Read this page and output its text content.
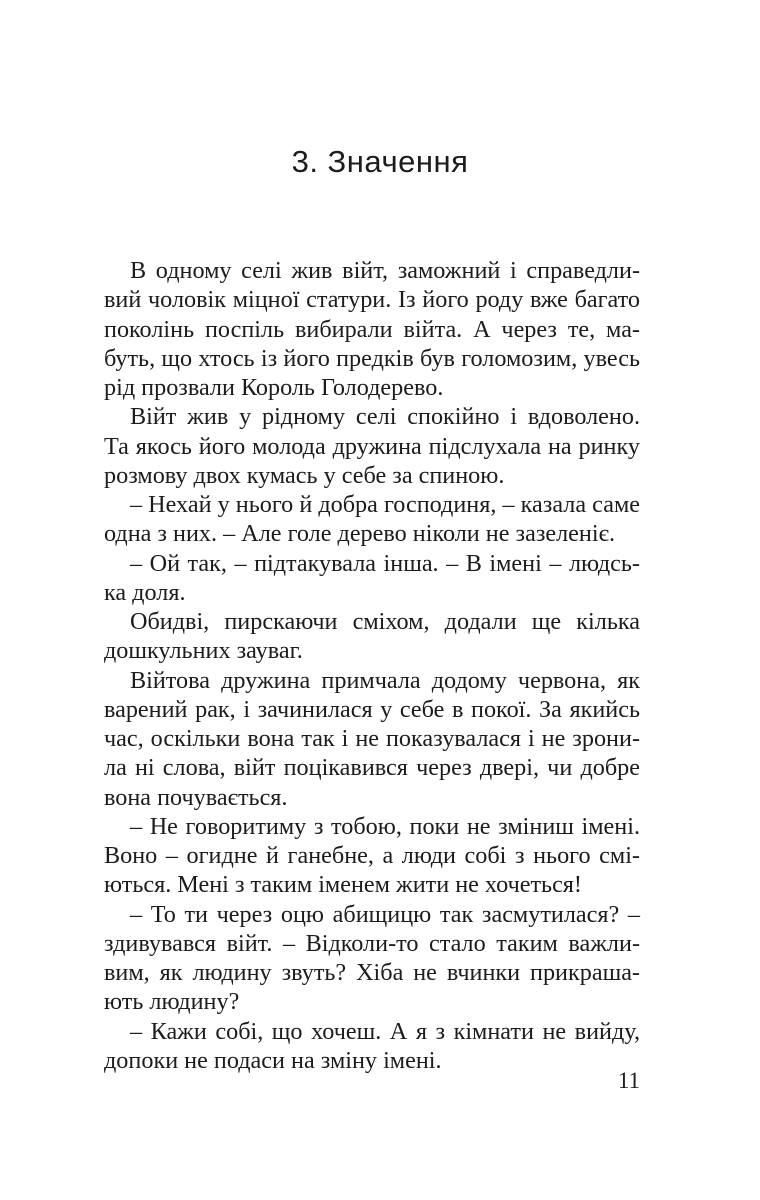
3. Значення
В одному селі жив війт, заможний і справедли-
вий чоловік міцної статури. Із його роду вже багато
поколінь поспіль вибирали війта. А через те, ма-
буть, що хтось із його предків був голомозим, увесь
рід прозвали Король Голодерево.
Війт жив у рідному селі спокійно і вдоволено.
Та якось його молода дружина підслухала на ринку
розмову двох кумась у себе за спиною.
– Нехай у нього й добра господиня, – казала саме
одна з них. – Але голе дерево ніколи не зазеленіє.
– Ой так, – підтакувала інша. – В імені – людсь-
ка доля.
Обидві, пирскаючи сміхом, додали ще кілька
дошкульних зауваг.
Війтова дружина примчала додому червона, як
варений рак, і зачинилася у себе в покої. За якийсь
час, оскільки вона так і не показувалася і не зрони-
ла ні слова, війт поцікавився через двері, чи добре
вона почувається.
– Не говоритиму з тобою, поки не зміниш імені.
Воно – огидне й ганебне, а люди собі з нього смі-
ються. Мені з таким іменем жити не хочеться!
– То ти через оцю абищицю так засмутилася? –
здивувався війт. – Відколи-то стало таким важли-
вим, як людину звуть? Хіба не вчинки прикраша-
ють людину?
– Кажи собі, що хочеш. А я з кімнати не вийду,
допоки не подаси на зміну імені.
11
